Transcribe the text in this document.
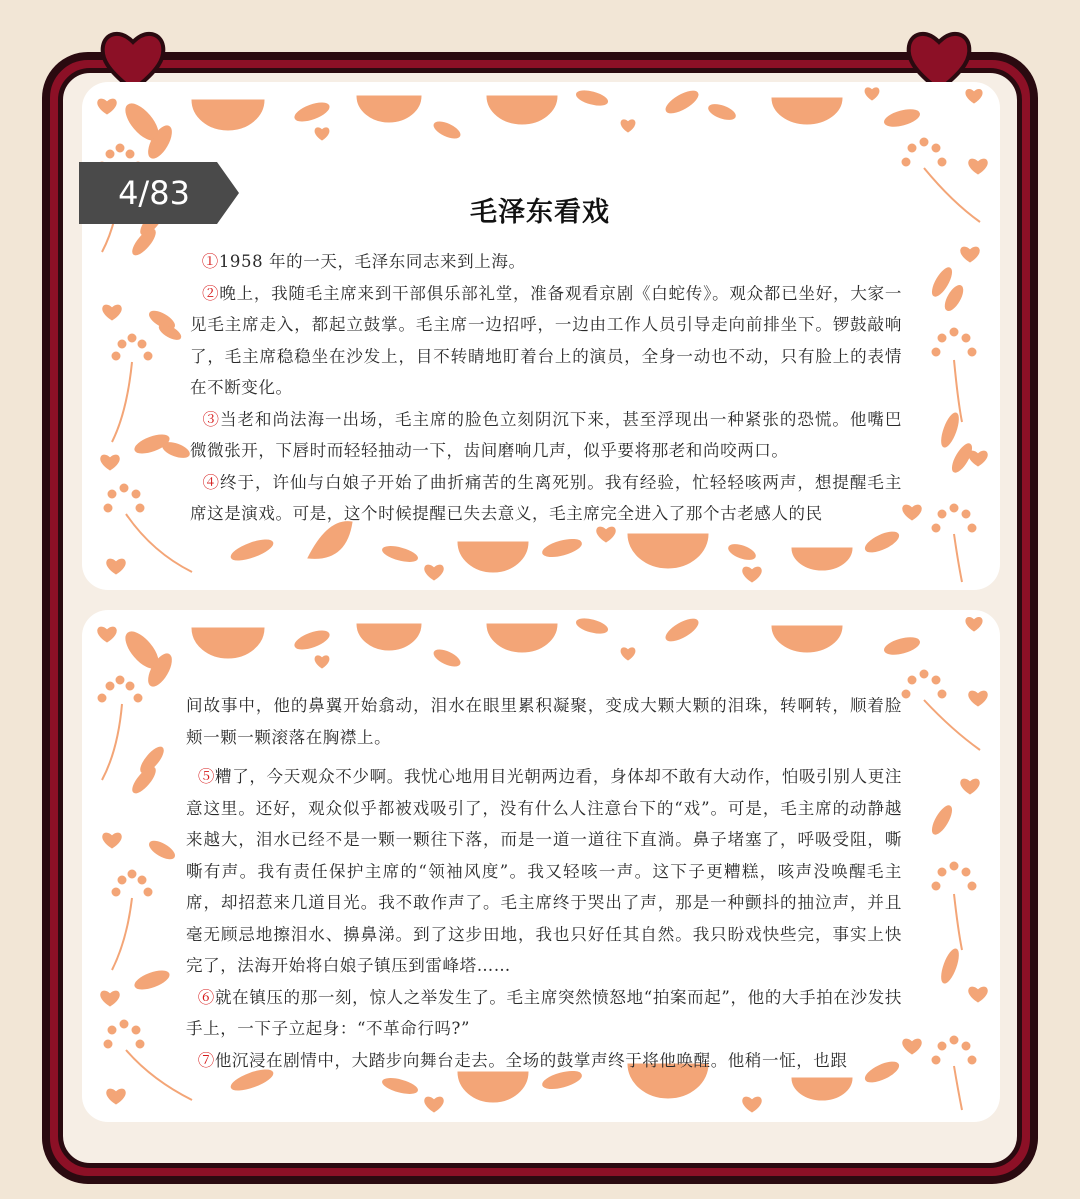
4/83
毛泽东看戏

①1958 年的一天，毛泽东同志来到上海。

②晚上，我随毛主席来到干部俱乐部礼堂，准备观看京剧《白蛇传》。观众都已坐好，大家一见毛主席走入，都起立鼓掌。毛主席一边招呼，一边由工作人员引导走向前排坐下。锣鼓敲响了，毛主席稳稳坐在沙发上，目不转睛地盯着台上的演员，全身一动也不动，只有脸上的表情在不断变化。

③当老和尚法海一出场，毛主席的脸色立刻阴沉下来，甚至浮现出一种紧张的恐慌。他嘴巴微微张开，下唇时而轻轻抽动一下，齿间磨响几声，似乎要将那老和尚咬两口。

④终于，许仙与白娘子开始了曲折痛苦的生离死别。我有经验，忙轻轻咳两声，想提醒毛主席这是演戏。可是，这个时候提醒已失去意义，毛主席完全进入了那个古老感人的民

间故事中，他的鼻翼开始翕动，泪水在眼里累积凝聚，变成大颗大颗的泪珠，转啊转，顺着脸颊一颗一颗滚落在胸襟上。

⑤糟了，今天观众不少啊。我忧心地用目光朝两边看，身体却不敢有大动作，怕吸引别人更注意这里。还好，观众似乎都被戏吸引了，没有什么人注意台下的“戏”。可是，毛主席的动静越来越大，泪水已经不是一颗一颗往下落，而是一道一道往下直淌。鼻子堵塞了，呼吸受阻，嘶嘶有声。我有责任保护主席的“领袖风度”。我又轻咳一声。这下子更糟糕，咳声没唤醒毛主席，却招惹来几道目光。我不敢作声了。毛主席终于哭出了声，那是一种颤抖的抽泣声，并且毫无顾忌地擦泪水、擤鼻涕。到了这步田地，我也只好任其自然。我只盼戏快些完，事实上快完了，法海开始将白娘子镇压到雷峰塔……

⑥就在镇压的那一刻，惊人之举发生了。毛主席突然愤怒地“拍案而起”，他的大手拍在沙发扶手上，一下子立起身：“不革命行吗?”

⑦他沉浸在剧情中，大踏步向舞台走去。全场的鼓掌声终于将他唤醒。他稍一怔，也跟
